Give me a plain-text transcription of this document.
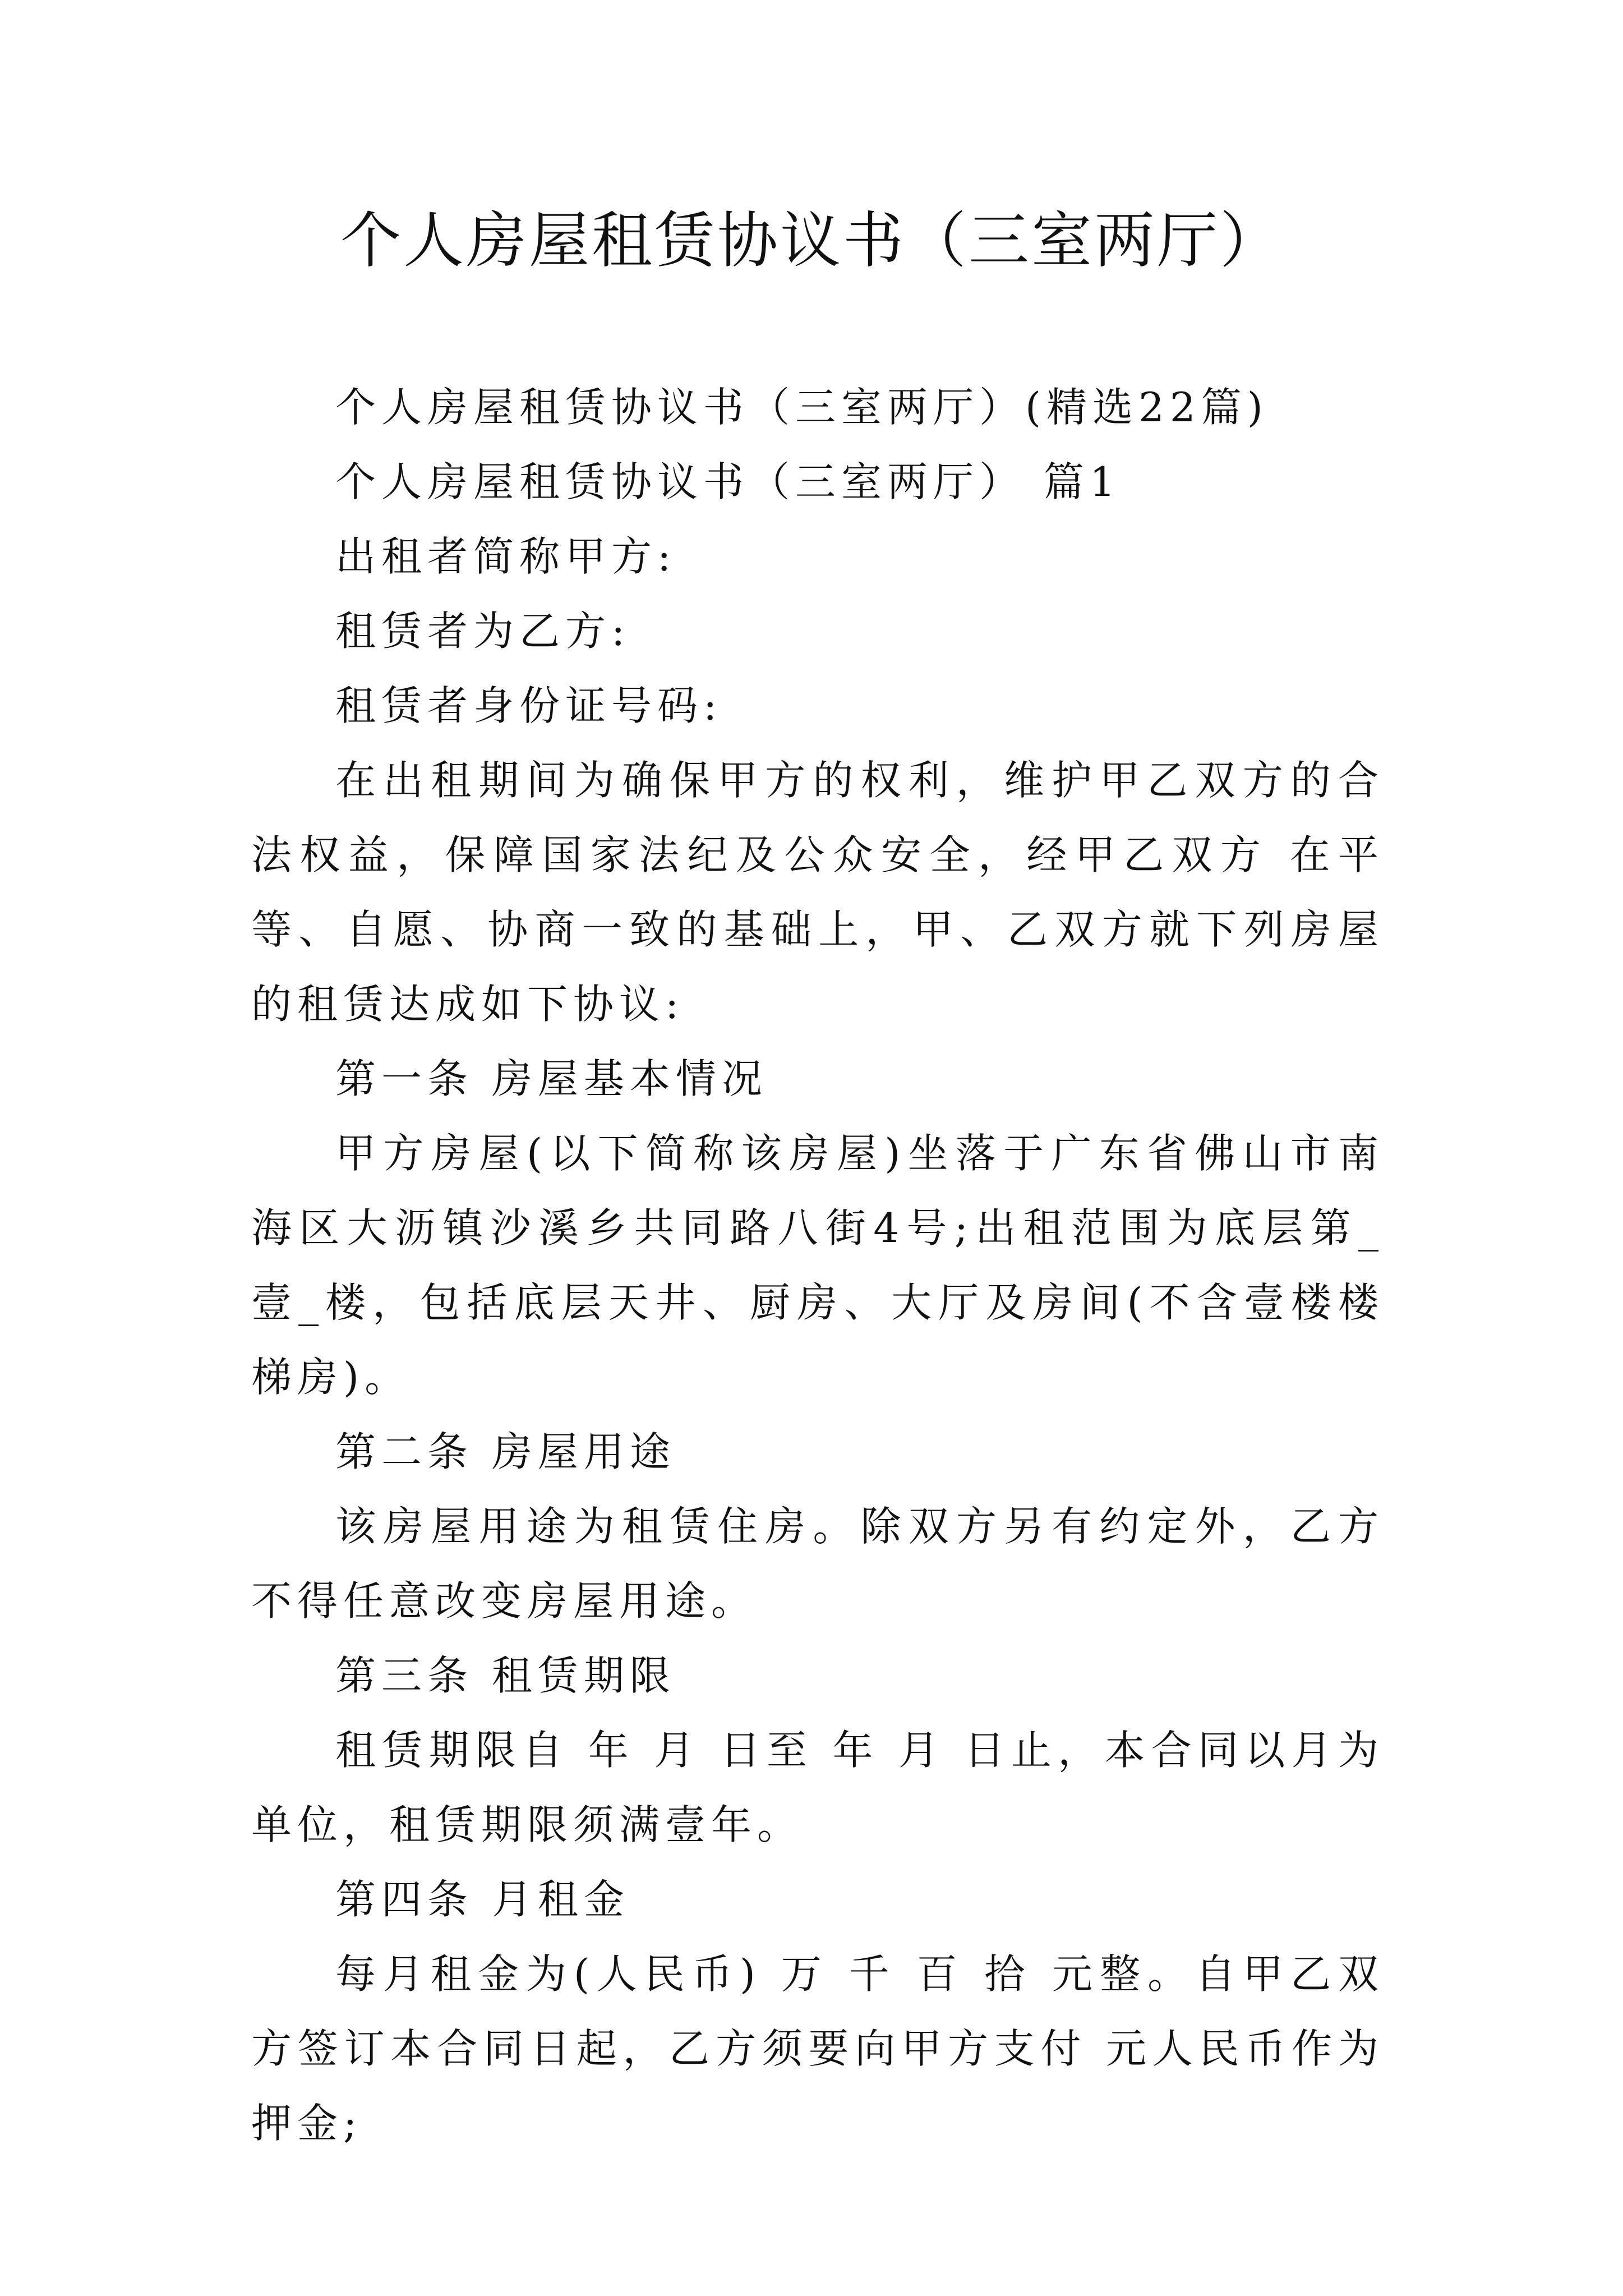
个人房屋租赁协议书（三室两厅）

个人房屋租赁协议书（三室两厅）(精选22篇)

个人房屋租赁协议书（三室两厅） 篇1

出租者简称甲方:

租赁者为乙方:

租赁者身份证号码:

在出租期间为确保甲方的权利，维护甲乙双方的合法权益，保障国家法纪及公众安全，经甲乙双方 在平等、自愿、协商一致的基础上，甲、乙双方就下列房屋的租赁达成如下协议:

第一条 房屋基本情况

甲方房屋(以下简称该房屋)坐落于广东省佛山市南海区大沥镇沙溪乡共同路八街4号;出租范围为底层第_壹_楼，包括底层天井、厨房、大厅及房间(不含壹楼楼梯房)。

第二条 房屋用途

该房屋用途为租赁住房。除双方另有约定外，乙方不得任意改变房屋用途。

第三条 租赁期限

租赁期限自 年 月 日至 年 月 日止，本合同以月为单位，租赁期限须满壹年。

第四条 月租金

每月租金为(人民币) 万 千 百 拾 元整。自甲乙双方签订本合同日起，乙方须要向甲方支付 元人民币作为押金;
